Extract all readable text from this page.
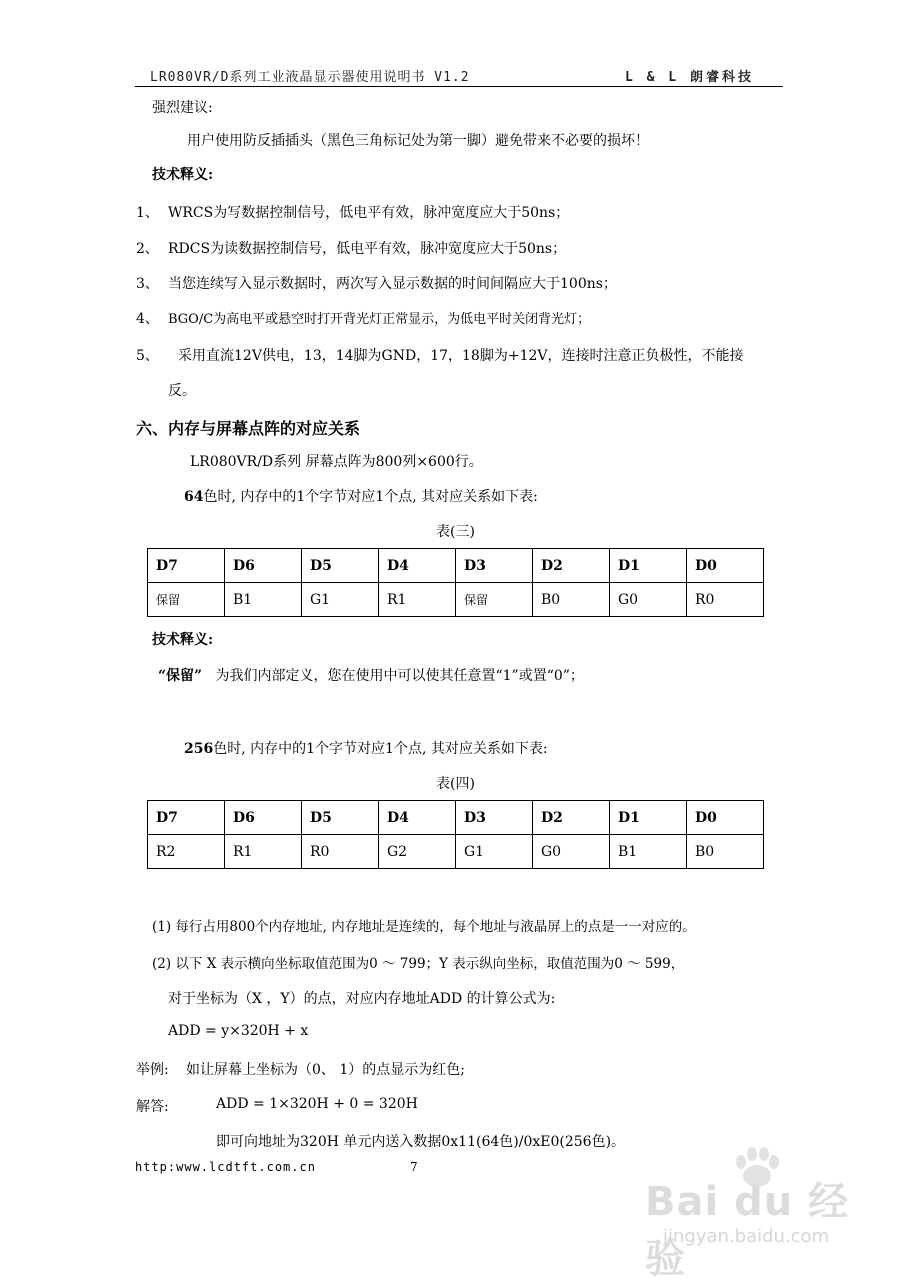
LR080VR/D系列工业液晶显示器使用说明书 V1.2	L & L 朗睿科技
强烈建议:
用户使用防反插插头（黑色三角标记处为第一脚）避免带来不必要的损坏！
技术释义:
1、 WRCS为写数据控制信号，低电平有效，脉冲宽度应大于50ns；
2、 RDCS为读数据控制信号，低电平有效，脉冲宽度应大于50ns；
3、 当您连续写入显示数据时，两次写入显示数据的时间间隔应大于100ns；
4、 BGO/C为高电平或悬空时打开背光灯正常显示，为低电平时关闭背光灯；
5、 采用直流12V供电，13，14脚为GND，17，18脚为+12V，连接时注意正负极性，不能接
反。
六、内存与屏幕点阵的对应关系
LR080VR/D系列 屏幕点阵为800列×600行。
64色时, 内存中的1个字节对应1个点, 其对应关系如下表:
表(三)
D7	D6	D5	D4	D3	D2	D1	D0
保留	B1	G1	R1	保留	B0	G0	R0
技术释义:
“保留” 为我们内部定义，您在使用中可以使其任意置“1”或置“0”；
256色时, 内存中的1个字节对应1个点, 其对应关系如下表:
表(四)
D7	D6	D5	D4	D3	D2	D1	D0
R2	R1	R0	G2	G1	G0	B1	B0
(1) 每行占用800个内存地址, 内存地址是连续的，每个地址与液晶屏上的点是一一对应的。
(2) 以下 X 表示横向坐标取值范围为0 ～ 799；Y 表示纵向坐标，取值范围为0 ～ 599，
对于坐标为（X ，Y）的点，对应内存地址ADD 的计算公式为:
ADD = y×320H + x
举例: 如让屏幕上坐标为（0、 1）的点显示为红色;
解答:	ADD = 1×320H + 0 = 320H
即可向地址为320H 单元内送入数据0x11(64色)/0xE0(256色)。
http:www.lcdtft.com.cn	7
Bai du 经验
jingyan.baidu.com
